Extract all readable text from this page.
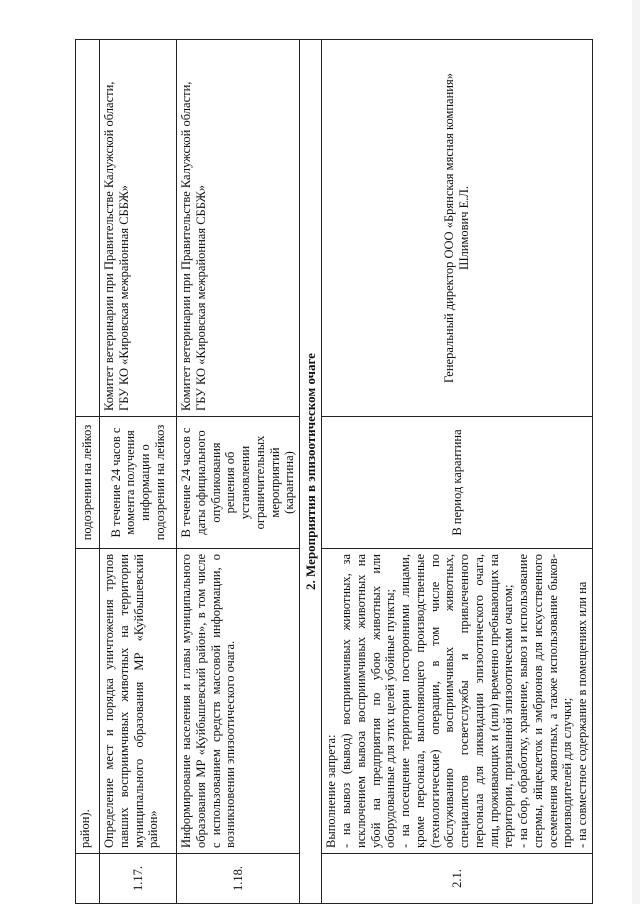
	район).	подозрении на лейкоз	
1.17.	Определение мест и порядка уничтожения трупов павших восприимчивых животных на территории муниципального образования МР «Куйбышевский район»	В течение 24 часов с момента получения информации о подозрении на лейкоз	Комитет ветеринарии при Правительстве Калужской области, ГБУ КО «Кировская межрайонная СББЖ»

1.18.	Информирование населения и главы муниципального образования МР «Куйбышевский район», в том числе с использованием средств массовой информации, о возникновении эпизоотического очага.	В течение 24 часов с даты официального опубликования решения об установлении ограничительных мероприятий (карантина)	Комитет ветеринарии при Правительстве Калужской области, ГБУ КО «Кировская межрайонная СББЖ»

2. Мероприятия в эпизоотическом очаге			
2.1.	Выполнение запрета: - на вывоз (вывод) восприимчивых животных, за исключением вывоза восприимчивых животных на убой на предприятия по убою животных или оборудованные для этих целей убойные пункты; - на посещение территории посторонними лицами, кроме персонала, выполняющего производственные (технологические) операции, в том числе по обслуживанию восприимчивых животных, специалистов госветслужбы и привлеченного персонала для ликвидации эпизоотического очага, лиц, проживающих и (или) временно пребывающих на территории, признанной эпизоотическим очагом; - на сбор, обработку, хранение, вывоз и использование спермы, яйцеклеток и эмбрионов для искусственного осеменения животных, а также использование быков-производителей для случки; - на совместное содержание в помещениях или на	В период карантина	Генеральный директор ООО «Брянская мясная компания» Шлимович Е.Л.
